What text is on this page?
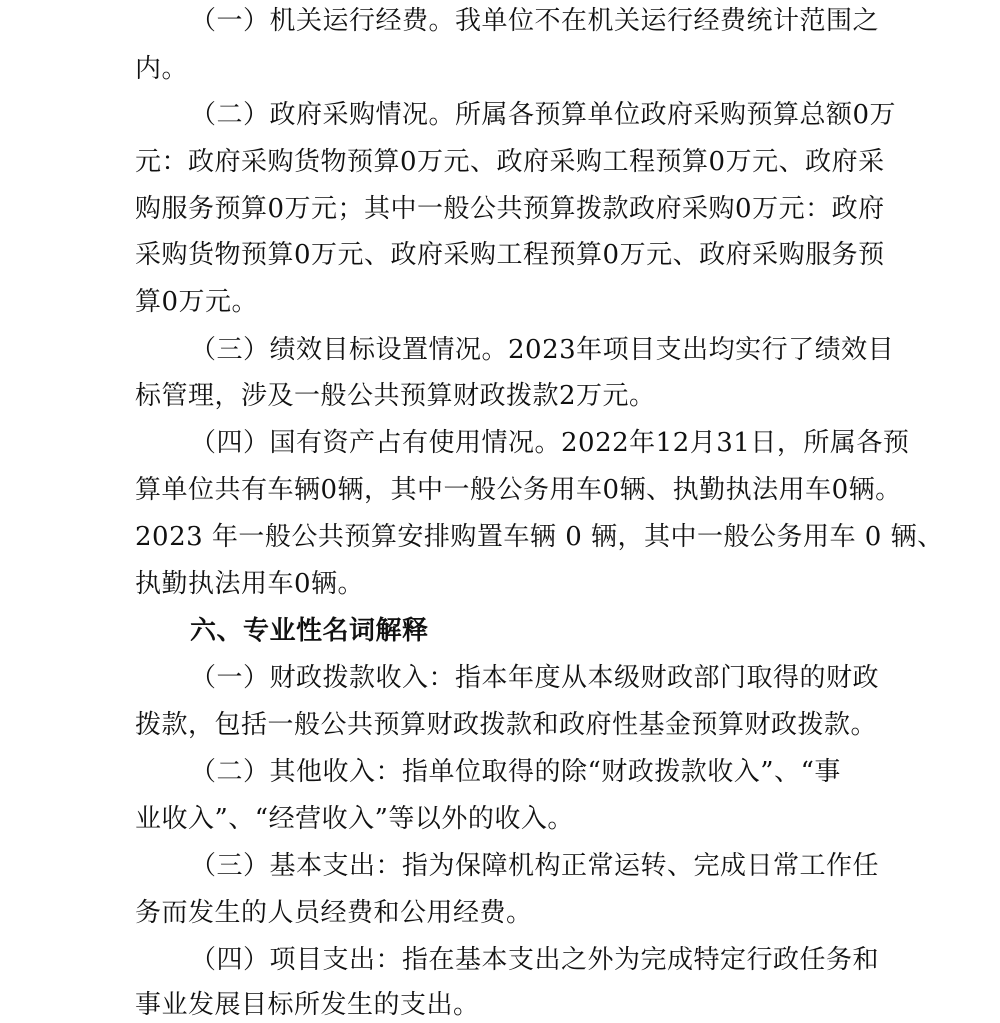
（一）机关运行经费。我单位不在机关运行经费统计范围之
内。
（二）政府采购情况。所属各预算单位政府采购预算总额0万
元：政府采购货物预算0万元、政府采购工程预算0万元、政府采
购服务预算0万元；其中一般公共预算拨款政府采购0万元：政府
采购货物预算0万元、政府采购工程预算0万元、政府采购服务预
算0万元。
（三）绩效目标设置情况。2023年项目支出均实行了绩效目
标管理，涉及一般公共预算财政拨款2万元。
（四）国有资产占有使用情况。2022年12月31日，所属各预
算单位共有车辆0辆，其中一般公务用车0辆、执勤执法用车0辆。
2023 年一般公共预算安排购置车辆 0 辆，其中一般公务用车 0 辆、
执勤执法用车0辆。
六、专业性名词解释
（一）财政拨款收入：指本年度从本级财政部门取得的财政
拨款，包括一般公共预算财政拨款和政府性基金预算财政拨款。
（二）其他收入：指单位取得的除“财政拨款收入”、“事
业收入”、“经营收入”等以外的收入。
（三）基本支出：指为保障机构正常运转、完成日常工作任
务而发生的人员经费和公用经费。
（四）项目支出：指在基本支出之外为完成特定行政任务和
事业发展目标所发生的支出。
